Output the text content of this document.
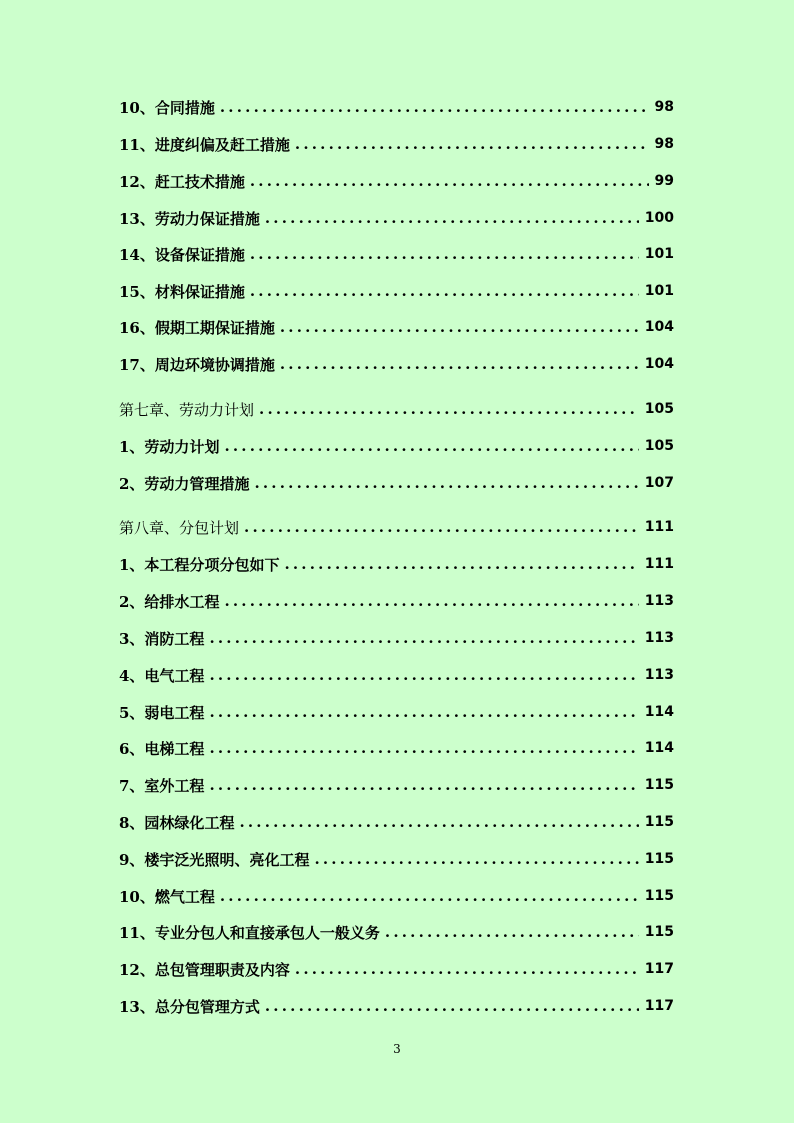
10、合同措施 .....	98
11、进度纠偏及赶工措施 .....	98
12、赶工技术措施 .....	99
13、劳动力保证措施 .....	100
14、设备保证措施 .....	101
15、材料保证措施 .....	101
16、假期工期保证措施 .....	104
17、周边环境协调措施 .....	104
第七章、劳动力计划 .....	105
1、劳动力计划 .....	105
2、劳动力管理措施 .....	107
第八章、分包计划 .....	111
1、本工程分项分包如下 .....	111
2、给排水工程 .....	113
3、消防工程 .....	113
4、电气工程 .....	113
5、弱电工程 .....	114
6、电梯工程 .....	114
7、室外工程 .....	115
8、园林绿化工程 .....	115
9、楼宇泛光照明、亮化工程 .....	115
10、燃气工程 .....	115
11、专业分包人和直接承包人一般义务 .....	115
12、总包管理职责及内容 .....	117
13、总分包管理方式 .....	117
3
